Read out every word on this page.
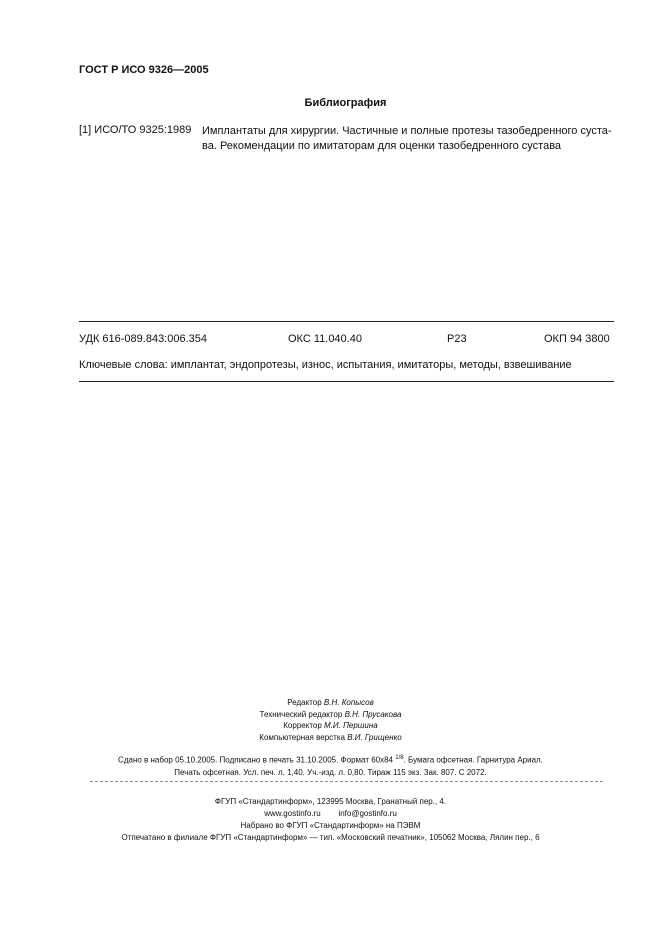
ГОСТ Р ИСО 9326—2005
Библиография
[1] ИСО/ТО 9325:1989 Имплантаты для хирургии. Частичные и полные протезы тазобедренного суста-
ва. Рекомендации по имитаторам для оценки тазобедренного сустава
УДК 616-089.843:006.354	ОКС 11.040.40	Р23	ОКП 94 3800
Ключевые слова: имплантат, эндопротезы, износ, испытания, имитаторы, методы, взвешивание
Редактор В.Н. Копысов
Технический редактор В.Н. Прусакова
Корректор М.И. Першина
Компьютерная верстка В.И. Грищенко
Сдано в набор 05.10.2005. Подписано в печать 31.10.2005. Формат 60x84 $^{1/8}$. Бумага офсетная. Гарнитура Ариал.
Печать офсетная. Усл. печ. л. 1,40. Уч.-изд. л. 0,80. Тираж 115 экз. Зак. 807. С 2072.
ФГУП «Стандартинформ», 123995 Москва, Гранатный пер., 4.
www.gostinfo.ru        info@gostinfo.ru
Набрано во ФГУП «Стандартинформ» на ПЭВМ
Отпечатано в филиале ФГУП «Стандартинформ» — тип. «Московский печатник», 105062 Москва, Лялин пер., 6
